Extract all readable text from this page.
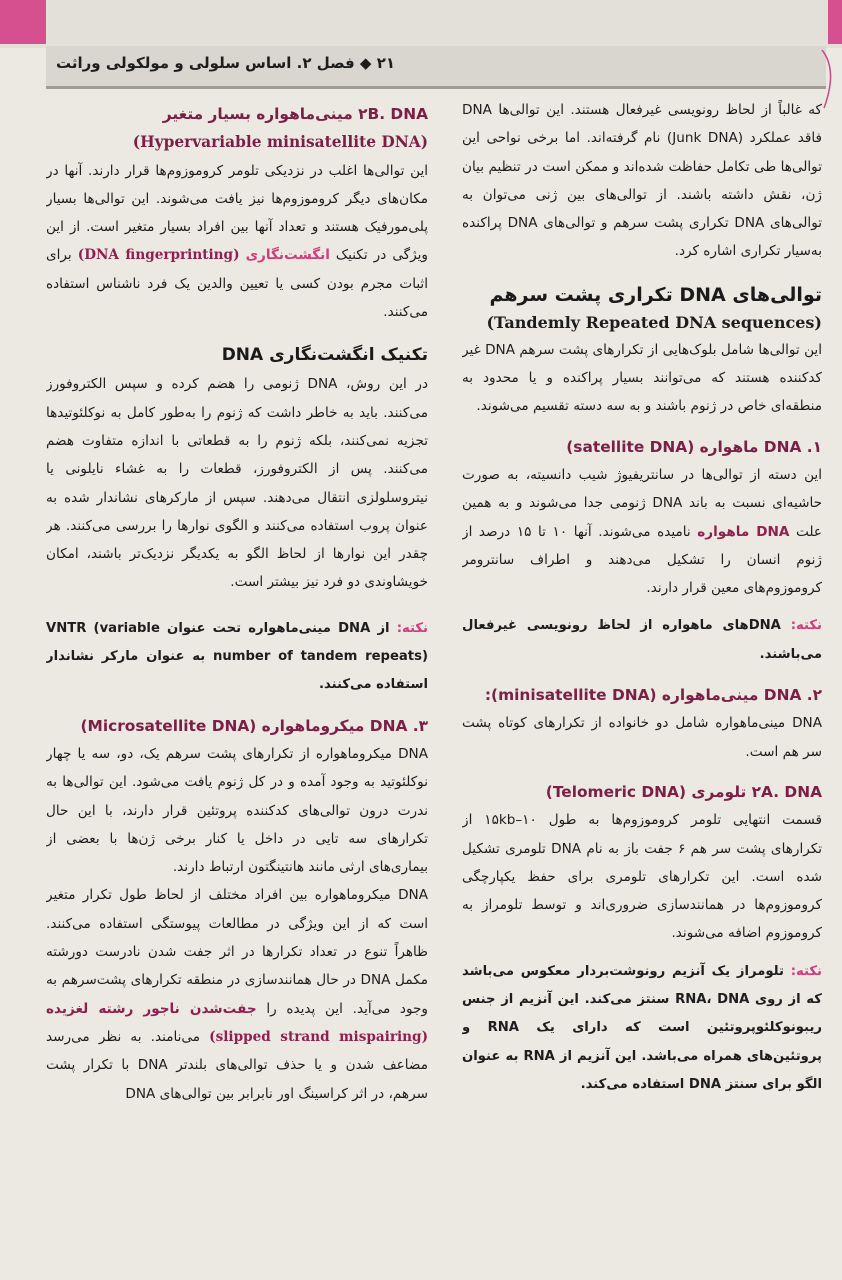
۲۱ ◆ فصل ۲. اساس سلولی و مولکولی وراثت

که غالباً از لحاظ رونویسی غیرفعال هستند. این توالی‌ها DNA فاقد عملکرد (Junk DNA) نام گرفته‌اند. اما برخی نواحی این توالی‌ها طی تکامل حفاظت شده‌اند و ممکن است در تنظیم بیان ژن، نقش داشته باشند. از توالی‌های بین ژنی می‌توان به توالی‌های DNA تکراری پشت سرهم و توالی‌های DNA پراکنده به‌سیار تکراری اشاره کرد.

توالی‌های DNA تکراری پشت سرهم
(Tandemly Repeated DNA sequences)

این توالی‌ها شامل بلوک‌هایی از تکرارهای پشت سرهم DNA غیر کدکننده هستند که می‌توانند بسیار پراکنده و یا محدود به منطقه‌ای خاص در ژنوم باشند و به سه دسته تقسیم می‌شوند.

۱. DNA ماهواره (satellite DNA)

این دسته از توالی‌ها در سانتریفیوژ شیب دانسیته، به صورت حاشیه‌ای نسبت به باند DNA ژنومی جدا می‌شوند و به همین علت DNA ماهواره نامیده می‌شوند. آنها ۱۰ تا ۱۵ درصد از ژنوم انسان را تشکیل می‌دهند و اطراف سانترومر کروموزوم‌های معین قرار دارند.

نکته: DNAهای ماهواره از لحاظ رونویسی غیرفعال می‌باشند.

۲. DNA مینی‌ماهواره (minisatellite DNA):

DNA مینی‌ماهواره شامل دو خانواده از تکرارهای کوتاه پشت سر هم است.

۲A. DNA تلومری (Telomeric DNA)

قسمت انتهایی تلومر کروموزوم‌ها به طول ۱۵kb–۱۰ از تکرارهای پشت سر هم ۶ جفت باز به نام DNA تلومری تشکیل شده است. این تکرارهای تلومری برای حفظ یکپارچگی کروموزوم‌ها در همانندسازی ضروری‌اند و توسط تلومراز به کروموزوم اضافه می‌شوند.

نکته: تلومراز یک آنزیم رونوشت‌بردار معکوس می‌باشد که از روی RNA، DNA سنتز می‌کند. این آنزیم از جنس ریبونوکلئوپروتئین است که دارای یک RNA و پروتئین‌های همراه می‌باشد. این آنزیم از RNA به عنوان الگو برای سنتز DNA استفاده می‌کند.

۲B. DNA مینی‌ماهواره بسیار متغیر
(Hypervariable minisatellite DNA)

این توالی‌ها اغلب در نزدیکی تلومر کروموزوم‌ها قرار دارند. آنها در مکان‌های دیگر کروموزوم‌ها نیز یافت می‌شوند. این توالی‌ها بسیار پلی‌مورفیک هستند و تعداد آنها بین افراد بسیار متغیر است. از این ویژگی در تکنیک انگشت‌نگاری (DNA fingerprinting) برای اثبات مجرم بودن کسی یا تعیین والدین یک فرد ناشناس استفاده می‌کنند.

تکنیک انگشت‌نگاری DNA

در این روش، DNA ژنومی را هضم کرده و سپس الکتروفورز می‌کنند. باید به خاطر داشت که ژنوم را به‌طور کامل به نوکلئوتیدها تجزیه نمی‌کنند، بلکه ژنوم را به قطعاتی با اندازه متفاوت هضم می‌کنند. پس از الکتروفورز، قطعات را به غشاء نایلونی یا نیتروسلولزی انتقال می‌دهند. سپس از مارکرهای نشاندار شده به عنوان پروب استفاده می‌کنند و الگوی نوارها را بررسی می‌کنند. هر چقدر این نوارها از لحاظ الگو به یکدیگر نزدیک‌تر باشند، امکان خویشاوندی دو فرد نیز بیشتر است.

نکته: از DNA مینی‌ماهواره تحت عنوان VNTR (variable number of tandem repeats) به عنوان مارکر نشاندار استفاده می‌کنند.

۳. DNA میکروماهواره (Microsatellite DNA)

DNA میکروماهواره از تکرارهای پشت سرهم یک، دو، سه یا چهار نوکلئوتید به وجود آمده و در کل ژنوم یافت می‌شود. این توالی‌ها به ندرت درون توالی‌های کدکننده پروتئین قرار دارند، با این حال تکرارهای سه تایی در داخل یا کنار برخی ژن‌ها با بعضی از بیماری‌های ارثی مانند هانتینگتون ارتباط دارند.

DNA میکروماهواره بین افراد مختلف از لحاظ طول تکرار متغیر است که از این ویژگی در مطالعات پیوستگی استفاده می‌کنند. ظاهراً تنوع در تعداد تکرارها در اثر جفت شدن نادرست دورشته مکمل DNA در حال همانندسازی در منطقه تکرارهای پشت‌سرهم به وجود می‌آید. این پدیده را جفت‌شدن ناجور رشته لغزیده (slipped strand mispairing) می‌نامند. به نظر می‌رسد مضاعف شدن و یا حذف توالی‌های بلندتر DNA با تکرار پشت سرهم، در اثر کراسینگ اور نابرابر بین توالی‌های DNA
